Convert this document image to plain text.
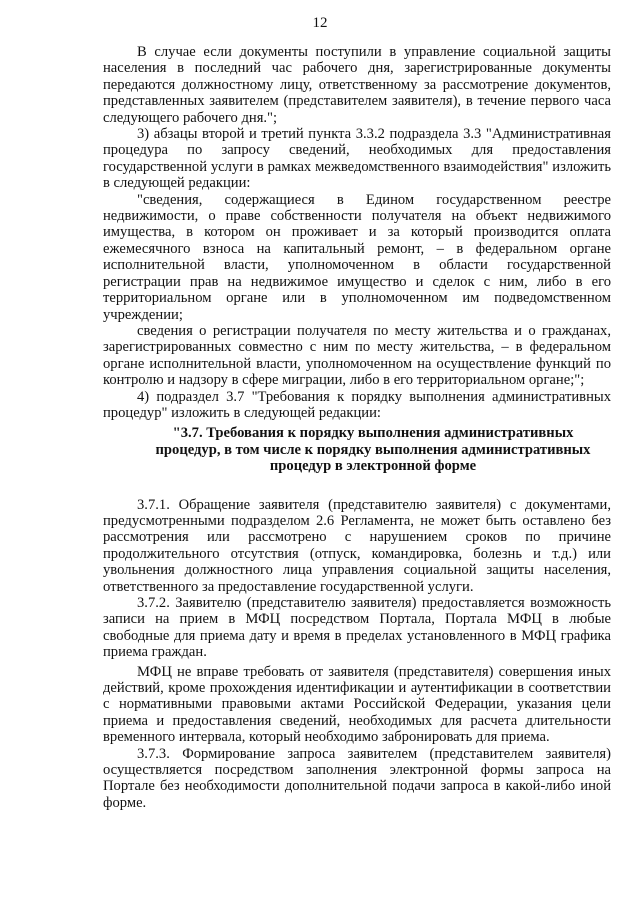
12

В случае если документы поступили в управление социальной защиты населения в последний час рабочего дня, зарегистрированные документы передаются должностному лицу, ответственному за рассмотрение документов, представленных заявителем (представителем заявителя), в течение первого часа следующего рабочего дня.";

3) абзацы второй и третий пункта 3.3.2 подраздела 3.3 "Административная процедура по запросу сведений, необходимых для предоставления государственной услуги в рамках межведомственного взаимодействия" изложить в следующей редакции:

"сведения, содержащиеся в Едином государственном реестре недвижимости, о праве собственности получателя на объект недвижимого имущества, в котором он проживает и за который производится оплата ежемесячного взноса на капитальный ремонт, – в федеральном органе исполнительной власти, уполномоченном в области государственной регистрации прав на недвижимое имущество и сделок с ним, либо в его территориальном органе или в уполномоченном им подведомственном учреждении;

сведения о регистрации получателя по месту жительства и о гражданах, зарегистрированных совместно с ним по месту жительства, – в федеральном органе исполнительной власти, уполномоченном на осуществление функций по контролю и надзору в сфере миграции, либо в его территориальном органе;";

4) подраздел 3.7 "Требования к порядку выполнения административных процедур" изложить в следующей редакции:

"3.7. Требования к порядку выполнения административных процедур, в том числе к порядку выполнения административных процедур в электронной форме

3.7.1. Обращение заявителя (представителю заявителя) с документами, предусмотренными подразделом 2.6 Регламента, не может быть оставлено без рассмотрения или рассмотрено с нарушением сроков по причине продолжительного отсутствия (отпуск, командировка, болезнь и т.д.) или увольнения должностного лица управления социальной защиты населения, ответственного за предоставление государственной услуги.

3.7.2. Заявителю (представителю заявителя) предоставляется возможность записи на прием в МФЦ посредством Портала, Портала МФЦ в любые свободные для приема дату и время в пределах установленного в МФЦ графика приема граждан.

МФЦ не вправе требовать от заявителя (представителя) совершения иных действий, кроме прохождения идентификации и аутентификации в соответствии с нормативными правовыми актами Российской Федерации, указания цели приема и предоставления сведений, необходимых для расчета длительности временного интервала, который необходимо забронировать для приема.

3.7.3. Формирование запроса заявителем (представителем заявителя) осуществляется посредством заполнения электронной формы запроса на Портале без необходимости дополнительной подачи запроса в какой-либо иной форме.
